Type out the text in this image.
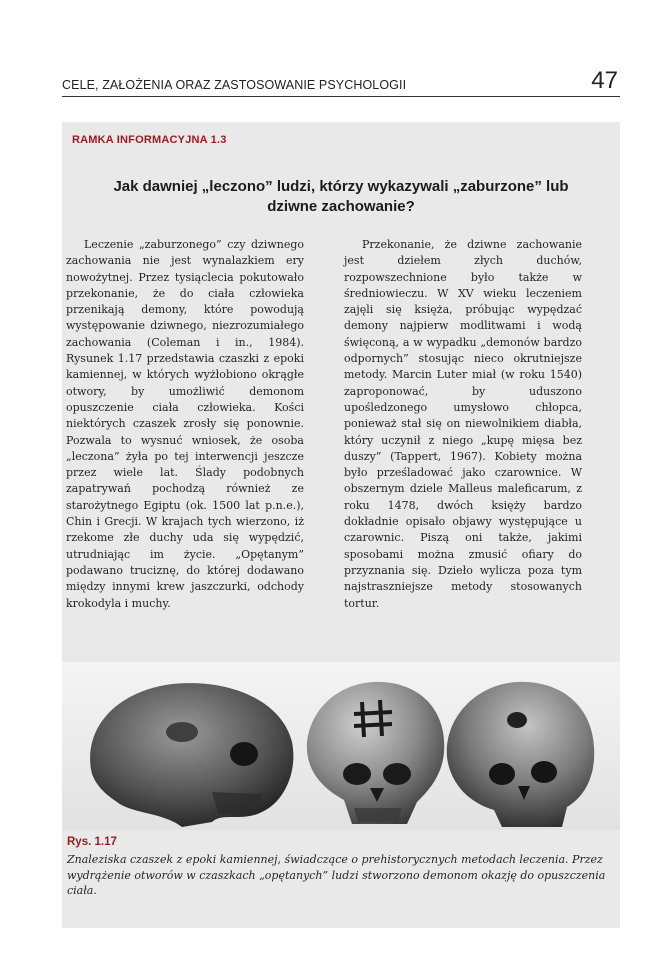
CELE, ZAŁOŻENIA ORAZ ZASTOSOWANIE PSYCHOLOGII	47
RAMKA INFORMACYJNA 1.3
Jak dawniej „leczono” ludzi, którzy wykazywali „zaburzone” lub dziwne zachowanie?

Leczenie „zaburzonego” czy dziwnego zachowania nie jest wynalazkiem ery nowożytnej. Przez tysiąclecia pokutowało przekonanie, że do ciała człowieka przenikają demony, które powodują występowanie dziwnego, niezrozumiałego zachowania (Coleman i in., 1984). Rysunek 1.17 przedstawia czaszki z epoki kamiennej, w których wyżłobiono okrągłe otwory, by umożliwić demonom opuszczenie ciała człowieka. Kości niektórych czaszek zrosły się ponownie. Pozwala to wysnuć wniosek, że osoba „leczona” żyła po tej interwencji jeszcze przez wiele lat. Ślady podobnych zapatrywań pochodzą również ze starożytnego Egiptu (ok. 1500 lat p.n.e.), Chin i Grecji. W krajach tych wierzono, iż rzekome złe duchy uda się wypędzić, utrudniając im życie. „Opętanym” podawano truciznę, do której dodawano między innymi krew jaszczurki, odchody krokodyla i muchy.

Przekonanie, że dziwne zachowanie jest dziełem złych duchów, rozpowszechnione było także w średniowieczu. W XV wieku leczeniem zajęli się księża, próbując wypędzać demony najpierw modlitwami i wodą święconą, a w wypadku „demonów bardzo odpornych” stosując nieco okrutniejsze metody. Marcin Luter miał (w roku 1540) zaproponować, by uduszono upośledzonego umysłowo chłopca, ponieważ stał się on niewolnikiem diabła, który uczynił z niego „kupę mięsa bez duszy” (Tappert, 1967). Kobiety można było prześladować jako czarownice. W obszernym dziele Malleus maleficarum, z roku 1478, dwóch księży bardzo dokładnie opisało objawy występujące u czarownic. Piszą oni także, jakimi sposobami można zmusić ofiary do przyznania się. Dzieło wylicza poza tym najstraszniejsze metody stosowanych tortur.

Rys. 1.17
Znaleziska czaszek z epoki kamiennej, świadczące o prehistorycznych metodach leczenia. Przez wydrążenie otworów w czaszkach „opętanych” ludzi stworzono demonom okazję do opuszczenia ciała.
